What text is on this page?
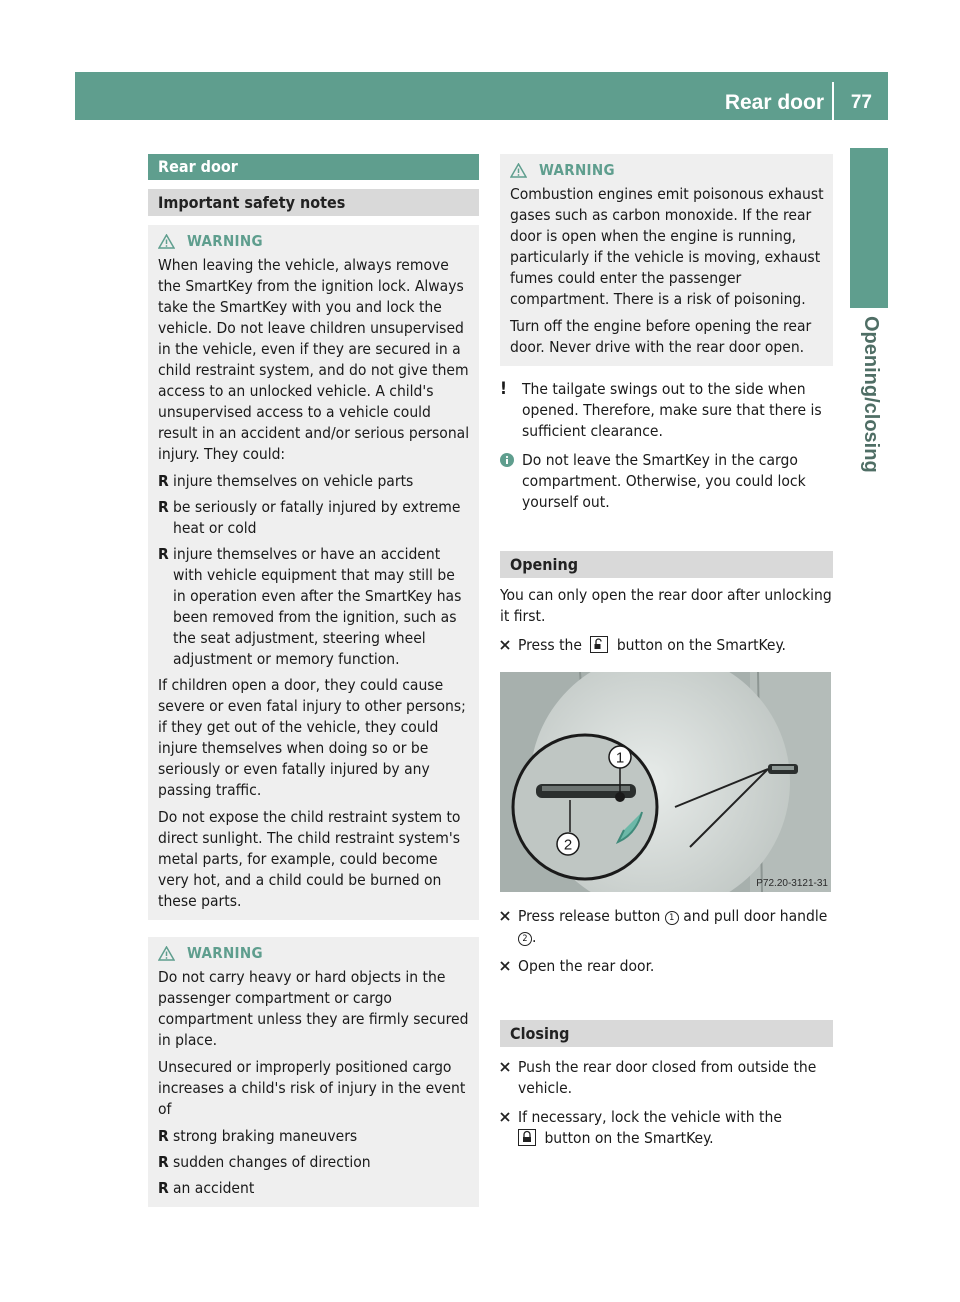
Rear door 77
Opening/closing
Rear door
Important safety notes
WARNING

When leaving the vehicle, always remove the SmartKey from the ignition lock. Always take the SmartKey with you and lock the vehicle. Do not leave children unsupervised in the vehicle, even if they are secured in a child restraint system, and do not give them access to an unlocked vehicle. A child's unsupervised access to a vehicle could result in an accident and/or serious personal injury. They could:

R injure themselves on vehicle parts
R be seriously or fatally injured by extreme heat or cold
R injure themselves or have an accident with vehicle equipment that may still be in operation even after the SmartKey has been removed from the ignition, such as the seat adjustment, steering wheel adjustment or memory function.

If children open a door, they could cause severe or even fatal injury to other persons; if they get out of the vehicle, they could injure themselves when doing so or be seriously or even fatally injured by any passing traffic.

Do not expose the child restraint system to direct sunlight. The child restraint system's metal parts, for example, could become very hot, and a child could be burned on these parts.

WARNING

Do not carry heavy or hard objects in the passenger compartment or cargo compartment unless they are firmly secured in place.

Unsecured or improperly positioned cargo increases a child's risk of injury in the event of

R strong braking maneuvers
R sudden changes of direction
R an accident
WARNING

Combustion engines emit poisonous exhaust gases such as carbon monoxide. If the rear door is open when the engine is running, particularly if the vehicle is moving, exhaust fumes could enter the passenger compartment. There is a risk of poisoning.

Turn off the engine before opening the rear door. Never drive with the rear door open.

! The tailgate swings out to the side when opened. Therefore, make sure that there is sufficient clearance.
Do not leave the SmartKey in the cargo compartment. Otherwise, you could lock yourself out.
Opening

You can only open the rear door after unlocking it first.

Press the button on the SmartKey.
1
2
P72.20-3121-31
Press release button 1 and pull door handle 2 .
Open the rear door.
Closing
Push the rear door closed from outside the vehicle.
If necessary, lock the vehicle with the
button on the SmartKey.
